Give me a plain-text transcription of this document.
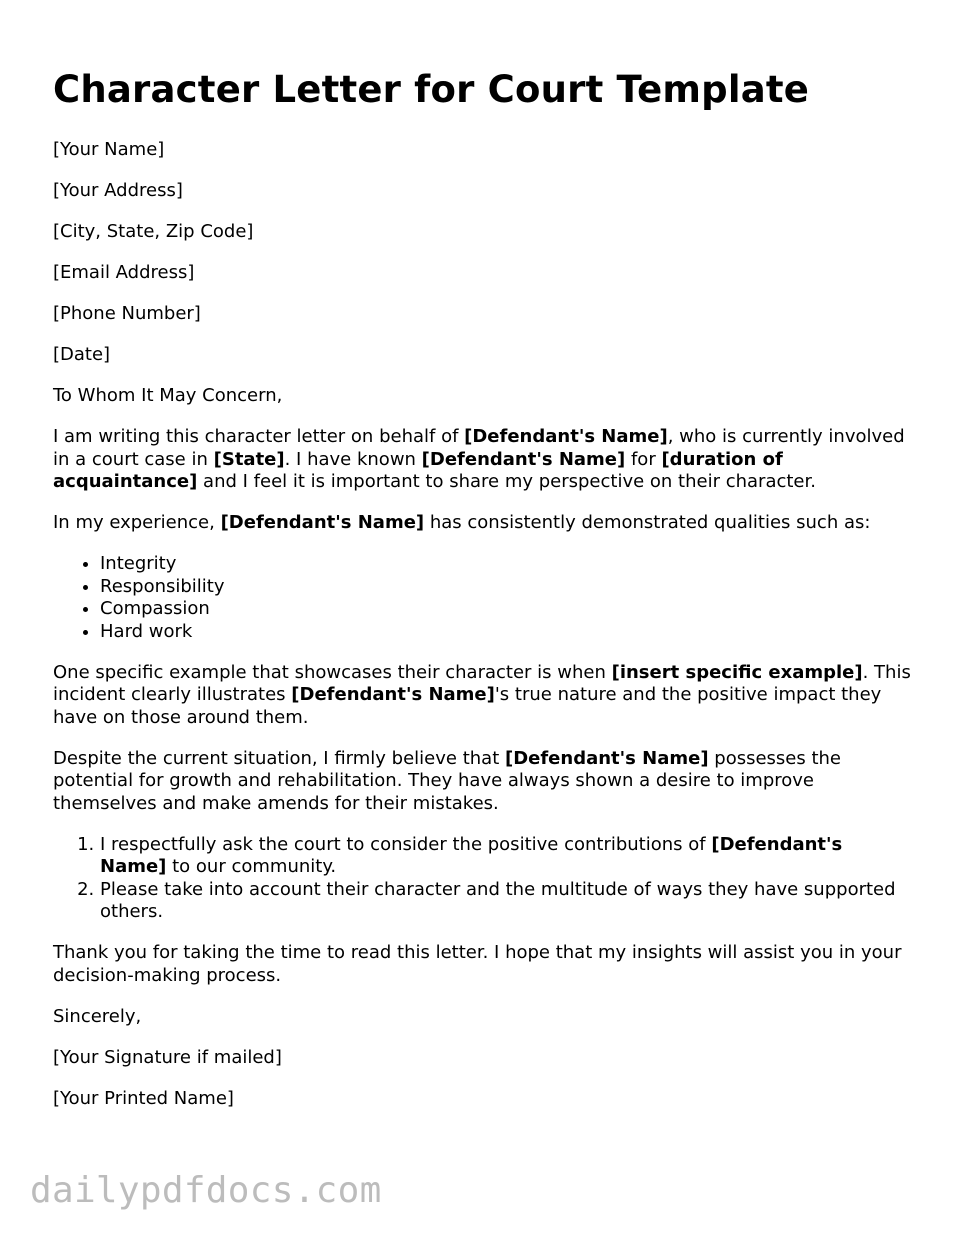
Character Letter for Court Template

[Your Name]

[Your Address]

[City, State, Zip Code]

[Email Address]

[Phone Number]

[Date]

To Whom It May Concern,

I am writing this character letter on behalf of [Defendant's Name], who is currently involved in a court case in [State]. I have known [Defendant's Name] for [duration of acquaintance] and I feel it is important to share my perspective on their character.

In my experience, [Defendant's Name] has consistently demonstrated qualities such as:

• Integrity
• Responsibility
• Compassion
• Hard work

One specific example that showcases their character is when [insert specific example]. This incident clearly illustrates [Defendant's Name]'s true nature and the positive impact they have on those around them.

Despite the current situation, I firmly believe that [Defendant's Name] possesses the potential for growth and rehabilitation. They have always shown a desire to improve themselves and make amends for their mistakes.

1. I respectfully ask the court to consider the positive contributions of [Defendant's Name] to our community.
2. Please take into account their character and the multitude of ways they have supported others.

Thank you for taking the time to read this letter. I hope that my insights will assist you in your decision-making process.

Sincerely,

[Your Signature if mailed]

[Your Printed Name]

dailypdfdocs.com
